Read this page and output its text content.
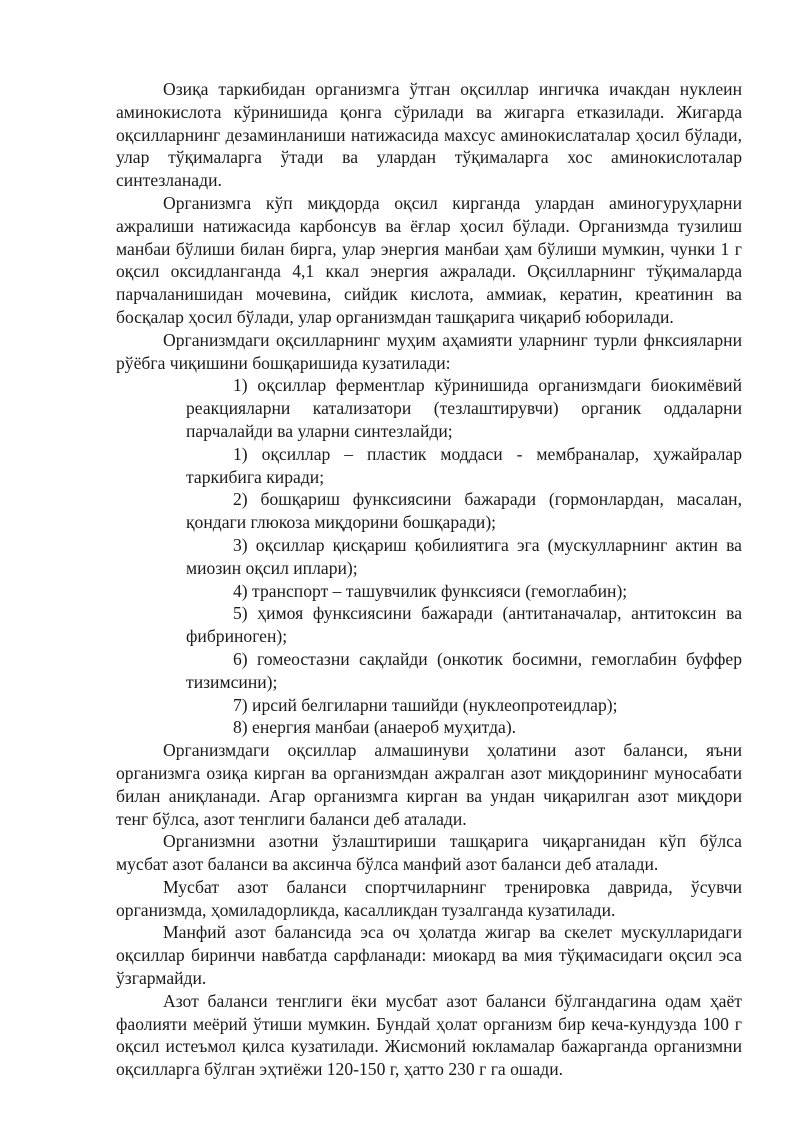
Озиқа таркибидан организмга ўтган оқсиллар ингичка ичакдан нуклеин аминокислота кўринишида қонга сўрилади ва жигарга етказилади. Жигарда оқсилларнинг дезаминланиши натижасида махсус аминокислаталар ҳосил бўлади, улар тўқималарга ўтади ва улардан тўқималарга хос аминокислоталар синтезланади.

Организмга кўп миқдорда оқсил кирганда улардан аминогуруҳларни ажралиши натижасида карбонсув ва ёғлар ҳосил бўлади. Организмда тузилиш манбаи бўлиши билан бирга, улар энергия манбаи ҳам бўлиши мумкин, чунки 1 г оқсил оксидланганда 4,1 ккал энергия ажралади. Оқсилларнинг тўқималарда парчаланишидан мочевина, сийдик кислота, аммиак, кератин, креатинин ва босқалар ҳосил бўлади, улар организмдан ташқарига чиқариб юборилади.

Организмдаги оқсилларнинг муҳим аҳамияти уларнинг турли фнксияларни рўёбга чиқишини бошқаришида кузатилади:

1) оқсиллар ферментлар кўринишида организмдаги биокимёвий реакцияларни катализатори (тезлаштирувчи) органик оддаларни парчалайди ва уларни синтезлайди;

1) оқсиллар – пластик моддаси - мембраналар, ҳужайралар таркибига киради;

2) бошқариш функсиясини бажаради (гормонлардан, масалан, қондаги глюкоза миқдорини бошқаради);

3) оқсиллар қисқариш қобилиятига эга (мускулларнинг актин ва миозин оқсил иплари);

4) транспорт – ташувчилик функсияси (гемоглабин);

5) ҳимоя функсиясини бажаради (антитаначалар, антитоксин ва фибриноген);

6) гомеостазни сақлайди (онкотик босимни, гемоглабин буффер тизимсини);

7) ирсий белгиларни ташийди (нуклеопротеидлар);

8) енергия манбаи (анаероб муҳитда).

Организмдаги оқсиллар алмашинуви ҳолатини азот баланси, яъни организмга озиқа кирган ва организмдан ажралган азот миқдорининг муносабати билан аниқланади. Агар организмга кирган ва ундан чиқарилган азот миқдори тенг бўлса, азот тенглиги баланси деб аталади.

Организмни азотни ўзлаштириши ташқарига чиқарганидан кўп бўлса мусбат азот баланси ва аксинча бўлса манфий азот баланси деб аталади.

Мусбат азот баланси спортчиларнинг тренировка даврида, ўсувчи организмда, ҳомиладорликда, касалликдан тузалганда кузатилади.

Манфий азот балансида эса оч ҳолатда жигар ва скелет мускулларидаги оқсиллар биринчи навбатда сарфланади: миокард ва мия тўқимасидаги оқсил эса ўзгармайди.

Азот баланси тенглиги ёки мусбат азот баланси бўлгандагина одам ҳаёт фаолияти меёрий ўтиши мумкин. Бундай ҳолат организм бир кеча-кундузда 100 г оқсил истеъмол қилса кузатилади. Жисмоний юкламалар бажарганда организмни оқсилларга бўлган эҳтиёжи 120-150 г, ҳатто 230 г га ошади.
